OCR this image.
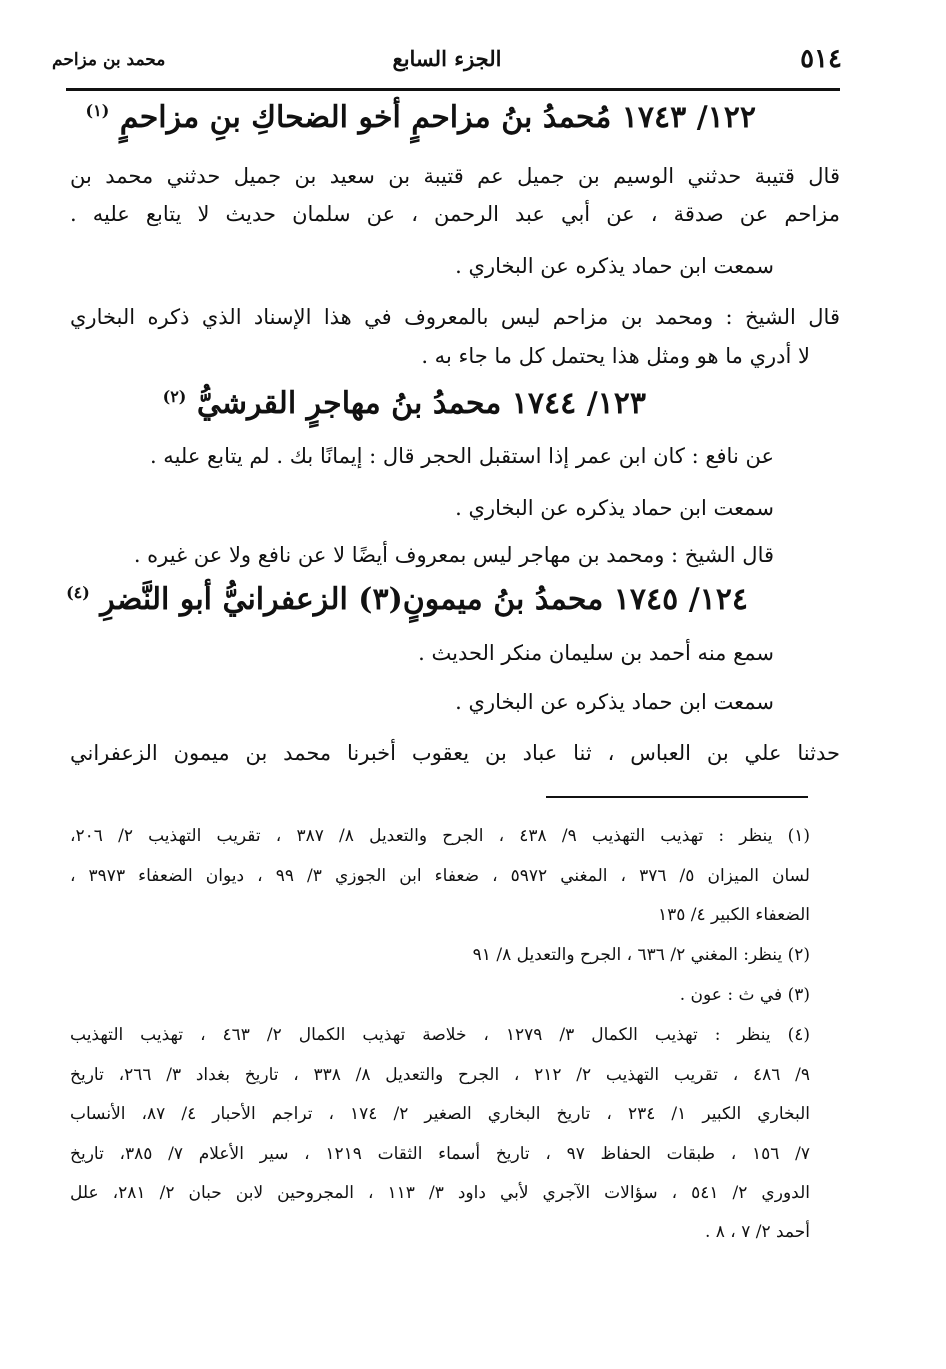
٥١٤
الجزء السابع
محمد بن مزاحم
١٢٢/ ١٧٤٣ مُحمدُ بنُ مزاحمٍ أخو الضحاكِ بنِ مزاحمٍ $^{(١)}$
قال قتيبة حدثني الوسيم بن جميل عم قتيبة بن سعيد بن جميل حدثني محمد بن
مزاحم عن صدقة ، عن أبي عبد الرحمن ، عن سلمان حديث لا يتابع عليه .
سمعت ابن حماد يذكره عن البخاري .
قال الشيخ : ومحمد بن مزاحم ليس بالمعروف في هذا الإسناد الذي ذكره البخاري
لا أدري ما هو ومثل هذا يحتمل كل ما جاء به .
١٢٣/ ١٧٤٤ محمدُ بنُ مهاجرٍ القرشيُّ $^{(٢)}$
عن نافع : كان ابن عمر إذا استقبل الحجر قال : إيمانًا بك . لم يتابع عليه .
سمعت ابن حماد يذكره عن البخاري .
قال الشيخ : ومحمد بن مهاجر ليس بمعروف أيضًا لا عن نافع ولا عن غيره .
١٢٤/ ١٧٤٥ محمدُ بنُ ميمونٍ(٣) الزعفرانيُّ أبو النَّضرِ $^{(٤)}$
سمع منه أحمد بن سليمان منكر الحديث .
سمعت ابن حماد يذكره عن البخاري .
حدثنا علي بن العباس ، ثنا عباد بن يعقوب أخبرنا محمد بن ميمون الزعفراني
(١) ينظر : تهذيب التهذيب ٩/ ٤٣٨ ، الجرح والتعديل ٨/ ٣٨٧ ، تقريب التهذيب ٢/ ٢٠٦،
لسان الميزان ٥/ ٣٧٦ ، المغني ٥٩٧٢ ، ضعفاء ابن الجوزي ٣/ ٩٩ ، ديوان الضعفاء ٣٩٧٣ ،
الضعفاء الكبير ٤/ ١٣٥
(٢) ينظر: المغني ٢/ ٦٣٦ ، الجرح والتعديل ٨/ ٩١
(٣) في ث : عون .
(٤) ينظر : تهذيب الكمال ٣/ ١٢٧٩ ، خلاصة تهذيب الكمال ٢/ ٤٦٣ ، تهذيب التهذيب
٩/ ٤٨٦ ، تقريب التهذيب ٢/ ٢١٢ ، الجرح والتعديل ٨/ ٣٣٨ ، تاريخ بغداد ٣/ ٢٦٦، تاريخ
البخاري الكبير ١/ ٢٣٤ ، تاريخ البخاري الصغير ٢/ ١٧٤ ، تراجم الأحبار ٤/ ٨٧، الأنساب
٧/ ١٥٦ ، طبقات الحفاظ ٩٧ ، تاريخ أسماء الثقات ١٢١٩ ، سير الأعلام ٧/ ٣٨٥، تاريخ
الدوري ٢/ ٥٤١ ، سؤالات الآجري لأبي داود ٣/ ١١٣ ، المجروحين لابن حبان ٢/ ٢٨١، علل
أحمد ٢/ ٧ ، ٨ .
